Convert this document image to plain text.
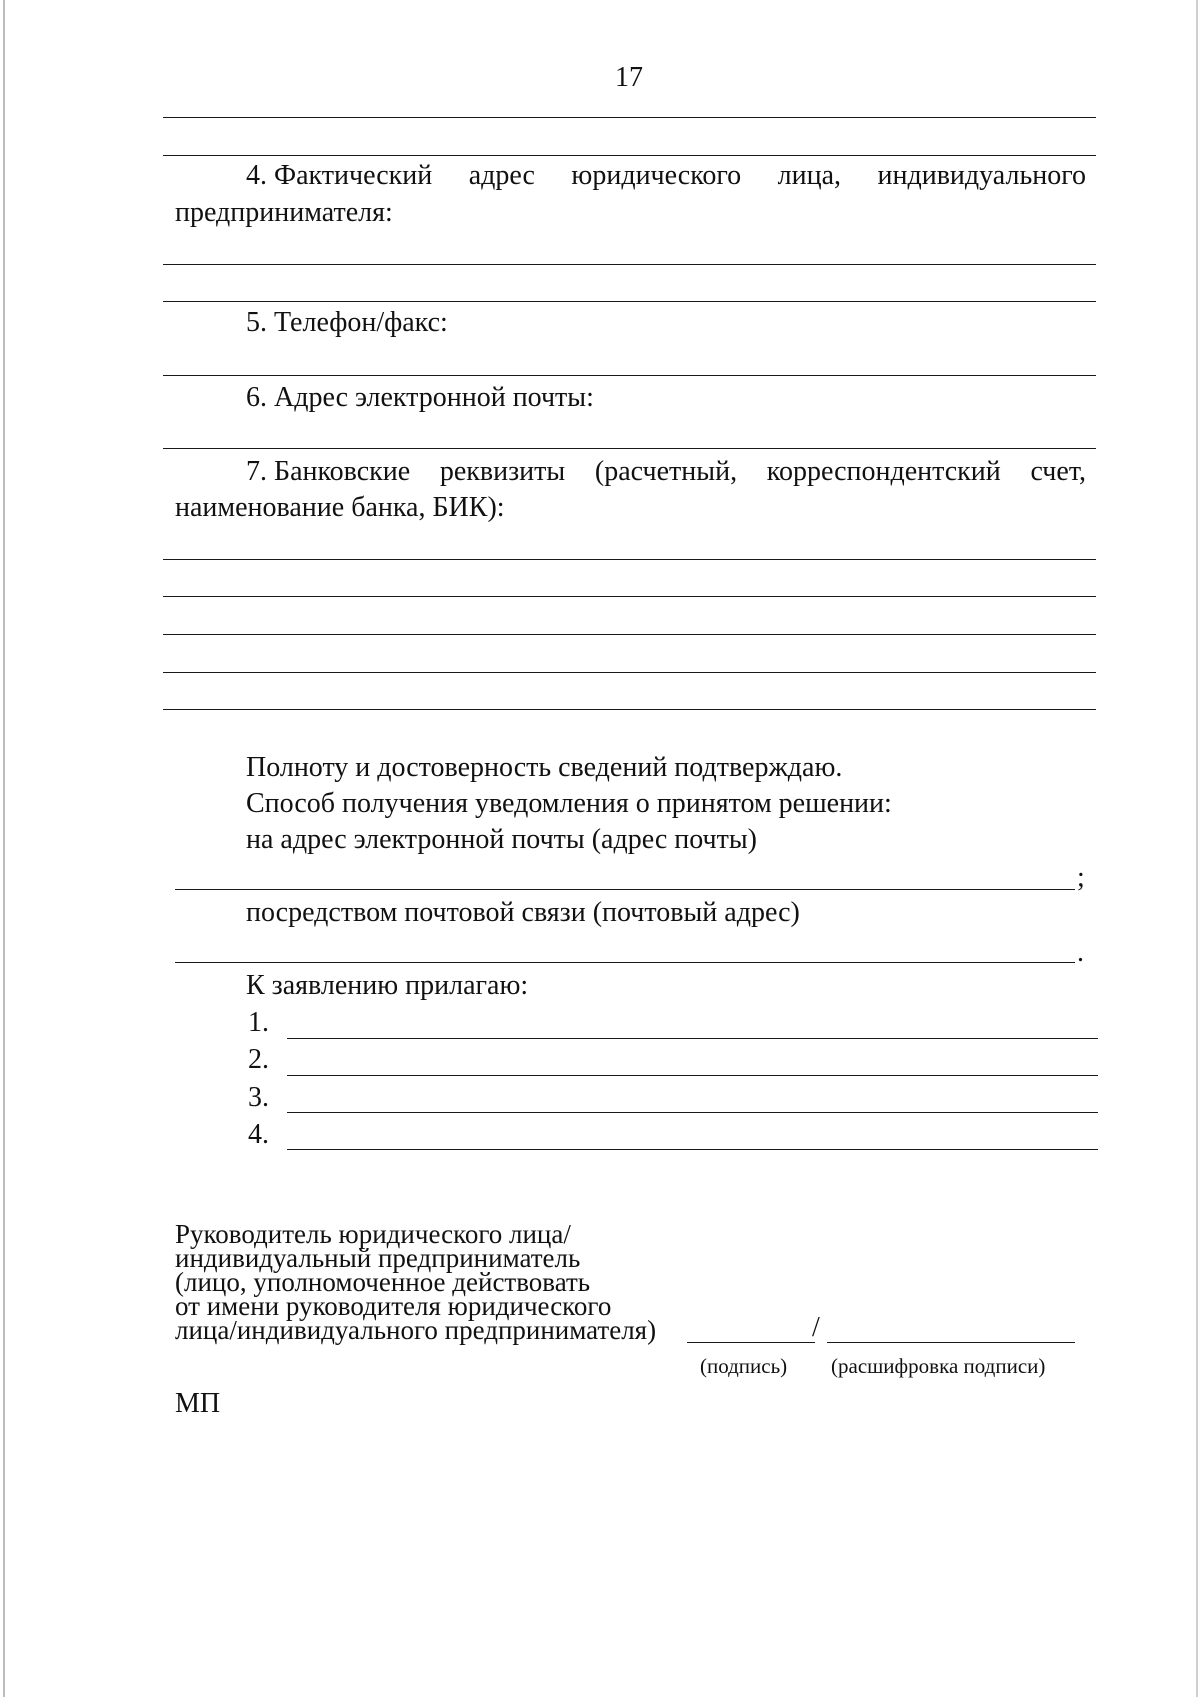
17
4. Фактический адрес юридического лица, индивидуального
предпринимателя:
5. Телефон/факс:
6. Адрес электронной почты:
7. Банковские реквизиты (расчетный, корреспондентский счет,
наименование банка, БИК):
Полноту и достоверность сведений подтверждаю.
Способ получения уведомления о принятом решении:
на адрес электронной почты (адрес почты)
;
посредством почтовой связи (почтовый адрес)
.
К заявлению прилагаю:
1.
2.
3.
4.
Руководитель юридического лица/
индивидуальный предприниматель
(лицо, уполномоченное действовать
от имени руководителя юридического
лица/индивидуального предпринимателя)	/
(подпись) (расшифровка подписи)
МП
